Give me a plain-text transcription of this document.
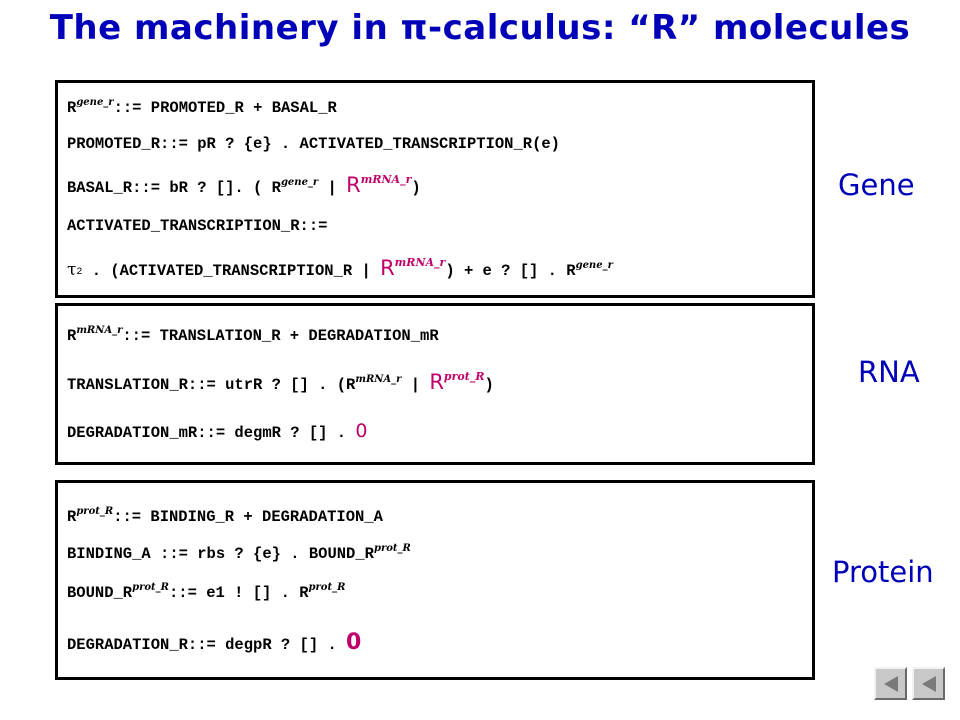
The machinery in π-calculus: “R” molecules
$R^{gene\_r}::=$ PROMOTED_R + BASAL_R
PROMOTED_R::= pR ? {e} . ACTIVATED_TRANSCRIPTION_R(e)
BASAL_R::= bR ? []. ( $R^{gene\_r}$ | $R^{mRNA\_r}$)
ACTIVATED_TRANSCRIPTION_R::=
τ2 . (ACTIVATED_TRANSCRIPTION_R | $R^{mRNA\_r}) + e$ ? [] . $R^{gene\_r}$
$R^{mRNA\_r}::=$ TRANSLATION_R + DEGRADATION_mR
TRANSLATION_R::= utrR ? [] . ($R^{mRNA\_r}$ | $R^{prot\_R}$)
DEGRADATION_mR::= degmR ? [] . 0
$R^{prot\_R}::=$ BINDING_R + DEGRADATION_A
BINDING_A ::= rbs ? {e} . $BOUND\_R^{prot\_R}$
$BOUND\_R^{prot\_R}::= e1$ ! [] . $R^{prot\_R}$
DEGRADATION_R::= degpR ? [] . 0
Gene
RNA
Protein
